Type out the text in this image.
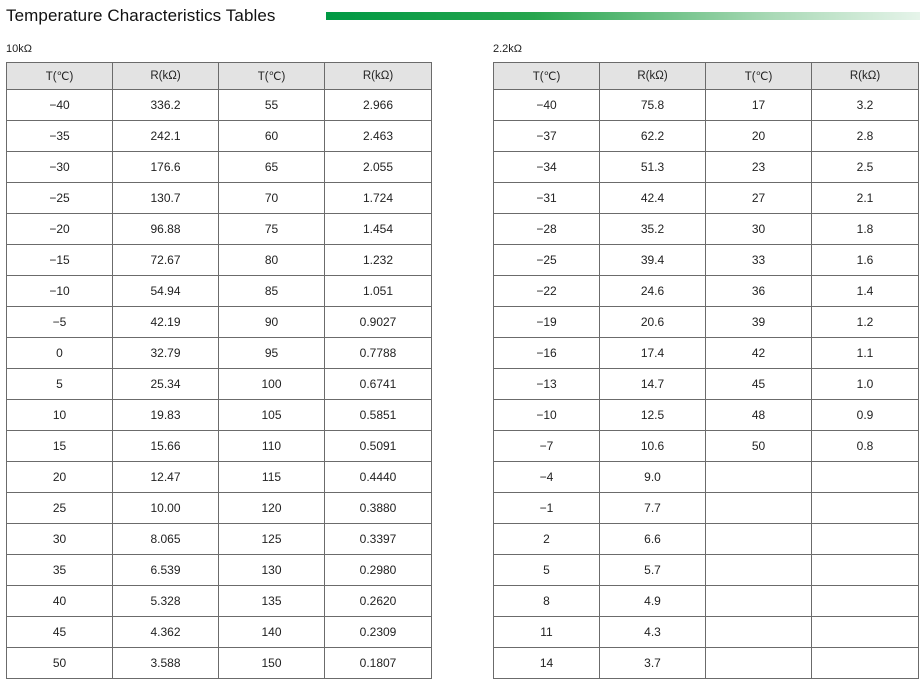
Temperature Characteristics Tables
10kΩ	2.2kΩ
T(℃)	R(kΩ)	T(℃)	R(kΩ)
−40	336.2	55	2.966
−35	242.1	60	2.463
−30	176.6	65	2.055
−25	130.7	70	1.724
−20	96.88	75	1.454
−15	72.67	80	1.232
−10	54.94	85	1.051
−5	42.19	90	0.9027
0	32.79	95	0.7788
5	25.34	100	0.6741
10	19.83	105	0.5851
15	15.66	110	0.5091
20	12.47	115	0.4440
25	10.00	120	0.3880
30	8.065	125	0.3397
35	6.539	130	0.2980
40	5.328	135	0.2620
45	4.362	140	0.2309
50	3.588	150	0.1807
T(℃)	R(kΩ)	T(℃)	R(kΩ)
−40	75.8	17	3.2
−37	62.2	20	2.8
−34	51.3	23	2.5
−31	42.4	27	2.1
−28	35.2	30	1.8
−25	39.4	33	1.6
−22	24.6	36	1.4
−19	20.6	39	1.2
−16	17.4	42	1.1
−13	14.7	45	1.0
−10	12.5	48	0.9
−7	10.6	50	0.8
−4	9.0		
−1	7.7		
2	6.6		
5	5.7		
8	4.9		
11	4.3		
14	3.7		
